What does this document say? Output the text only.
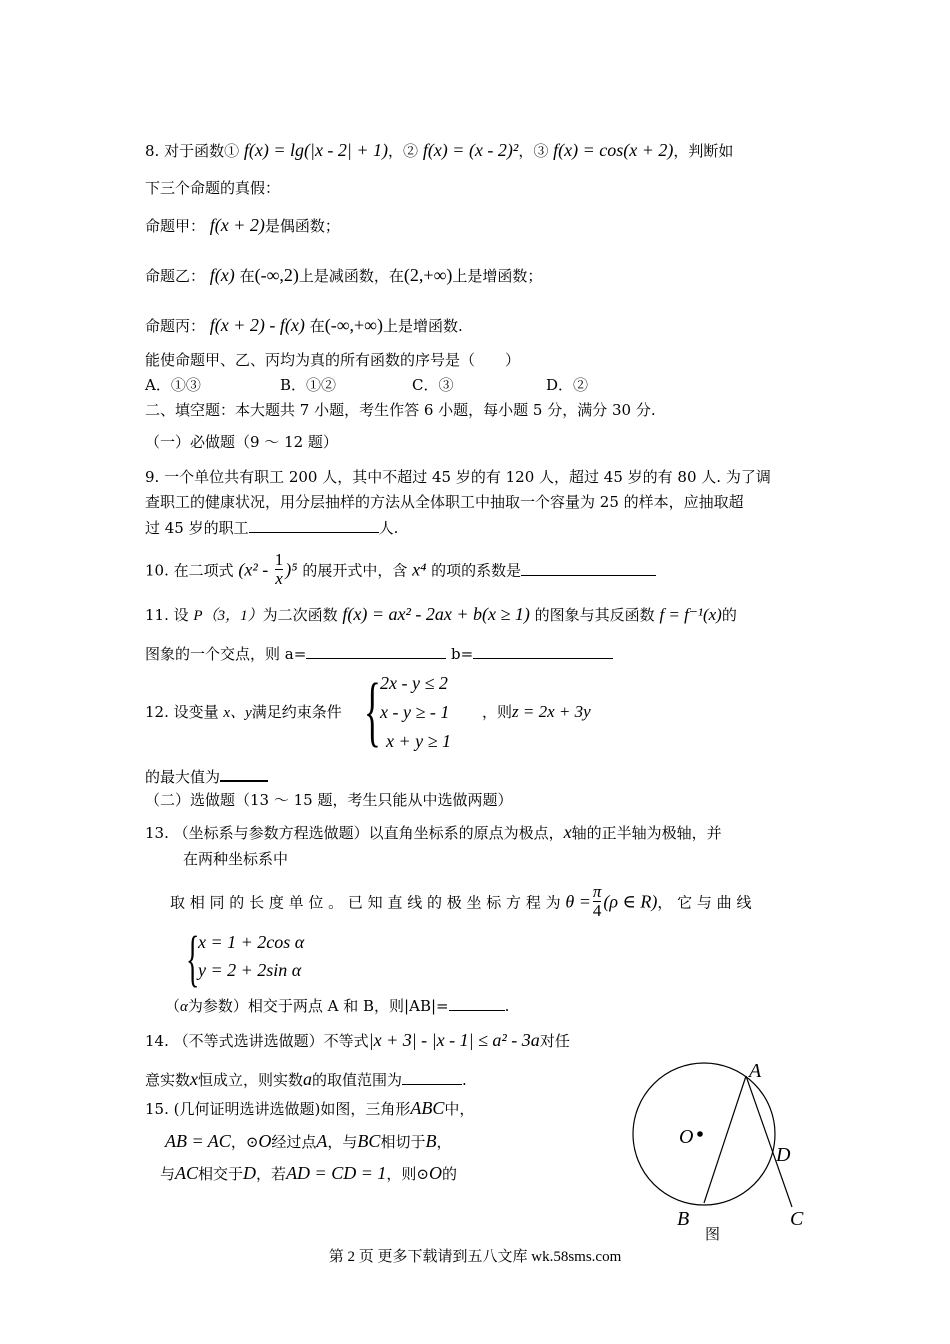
8. 对于函数① f(x) = lg(|x - 2| + 1)，② f(x) = (x - 2)²，③ f(x) = cos(x + 2)，判断如
下三个命题的真假：
命题甲： f(x + 2)是偶函数；
命题乙： f(x) 在(-∞,2)上是减函数，在(2,+∞)上是增函数；
命题丙： f(x + 2) - f(x) 在(-∞,+∞)上是增函数.
能使命题甲、乙、丙均为真的所有函数的序号是（　　）
A．①③	B．①②	C．③	D．②
二、填空题：本大题共 7 小题，考生作答 6 小题，每小题 5 分，满分 30 分.
（一）必做题（9 ～ 12 题）
9. 一个单位共有职工 200 人，其中不超过 45 岁的有 120 人，超过 45 岁的有 80 人. 为了调
查职工的健康状况，用分层抽样的方法从全体职工中抽取一个容量为 25 的样本，应抽取超
过 45 岁的职工	人.
10. 在二项式 $(x^2 - \frac{1}{x} )^5$ 的展开式中，含 x⁴ 的项的系数是
11. 设 P（3，1）为二次函数 f(x) = ax² - 2ax + b(x ≥ 1) 的图象与其反函数 f = f⁻¹(x)的
图象的一个交点，则 a=	b=
12. 设变量 x、y满足约束条件 { 2x - y ≤ 2
x - y ≥ - 1
x + y ≥ 1
，则z = 2x + 3y
的最大值为
（二）选做题（13 ～ 15 题，考生只能从中选做两题）
13. （坐标系与参数方程选做题）以直角坐标系的原点为极点，x轴的正半轴为极轴，并
在两种坐标系中
取 相 同 的 长 度 单 位 。 已 知 直 线 的 极 坐 标 方 程 为 $\theta = \frac{\pi}{4} (\rho$ ∈ R)， 它 与 曲 线
{
x = 1 + 2cos α
y = 2 + 2sin α
（α为参数）相交于两点 A 和 B，则|AB|=	.
14. （不等式选讲选做题）不等式|x + 3| - |x - 1| ≤ a² - 3a对任
意实数x恒成立，则实数a的取值范围为	.
15. (几何证明选讲选做题)如图，三角形ABC中，
AB = AC，⊙O经过点A，与BC相切于B，
与AC相交于D，若AD = CD = 1，则⊙O的
A
O
D
B	C
图
第 2 页 更多下载请到五八文库 wk.58sms.com
